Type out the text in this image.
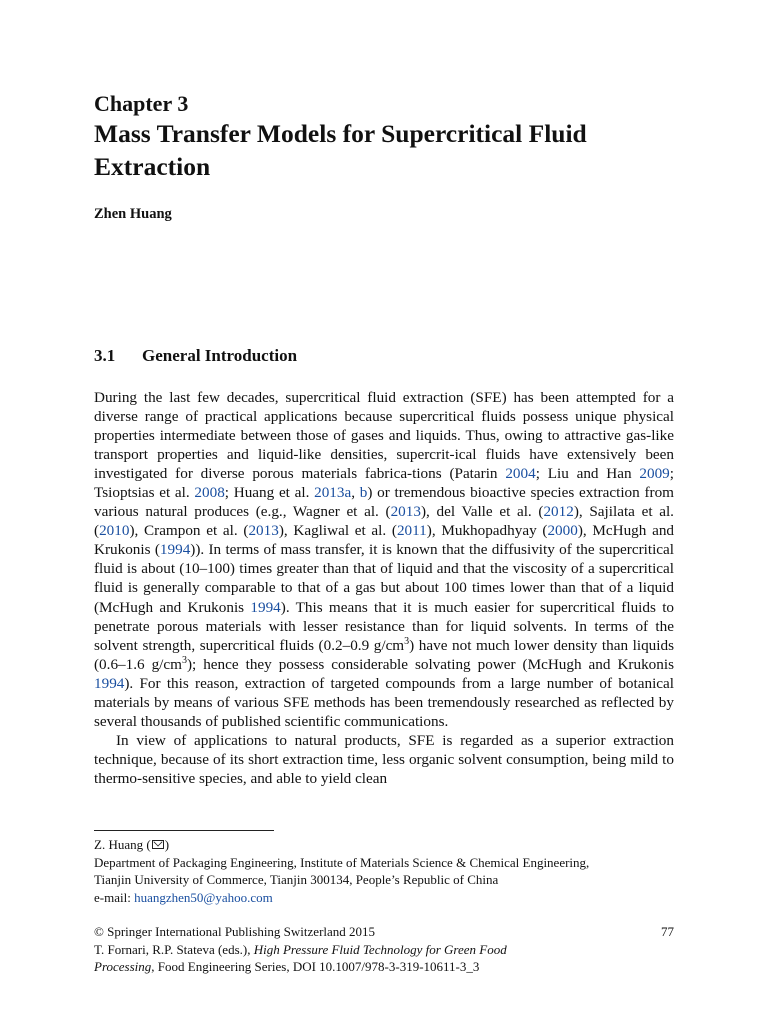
Chapter 3
Mass Transfer Models for Supercritical Fluid Extraction
Zhen Huang
3.1 General Introduction

During the last few decades, supercritical fluid extraction (SFE) has been attempted for a diverse range of practical applications because supercritical fluids possess unique physical properties intermediate between those of gases and liquids. Thus, owing to attractive gas-like transport properties and liquid-like densities, supercrit-ical fluids have extensively been investigated for diverse porous materials fabrica-tions (Patarin 2004; Liu and Han 2009; Tsioptsias et al. 2008; Huang et al. 2013a, b) or tremendous bioactive species extraction from various natural produces (e.g., Wagner et al. (2013), del Valle et al. (2012), Sajilata et al. (2010), Crampon et al. (2013), Kagliwal et al. (2011), Mukhopadhyay (2000), McHugh and Krukonis (1994)). In terms of mass transfer, it is known that the diffusivity of the supercritical fluid is about (10–100) times greater than that of liquid and that the viscosity of a supercritical fluid is generally comparable to that of a gas but about 100 times lower than that of a liquid (McHugh and Krukonis 1994). This means that it is much easier for supercritical fluids to penetrate porous materials with lesser resistance than for liquid solvents. In terms of the solvent strength, supercritical fluids (0.2–0.9 $g/cm^3$) have not much lower density than liquids (0.6–1.6 $g/cm^3$); hence they possess considerable solvating power (McHugh and Krukonis 1994). For this reason, extraction of targeted compounds from a large number of botanical materials by means of various SFE methods has been tremendously researched as reflected by several thousands of published scientific communications.

In view of applications to natural products, SFE is regarded as a superior extraction technique, because of its short extraction time, less organic solvent consumption, being mild to thermo-sensitive species, and able to yield clean

Z. Huang ( )
Department of Packaging Engineering, Institute of Materials Science & Chemical Engineering,
Tianjin University of Commerce, Tianjin 300134, People’s Republic of China
e-mail: huangzhen50@yahoo.com
© Springer International Publishing Switzerland 2015	77
T. Fornari, R.P. Stateva (eds.), High Pressure Fluid Technology for Green Food
Processing, Food Engineering Series, DOI 10.1007/978-3-319-10611-3_3
